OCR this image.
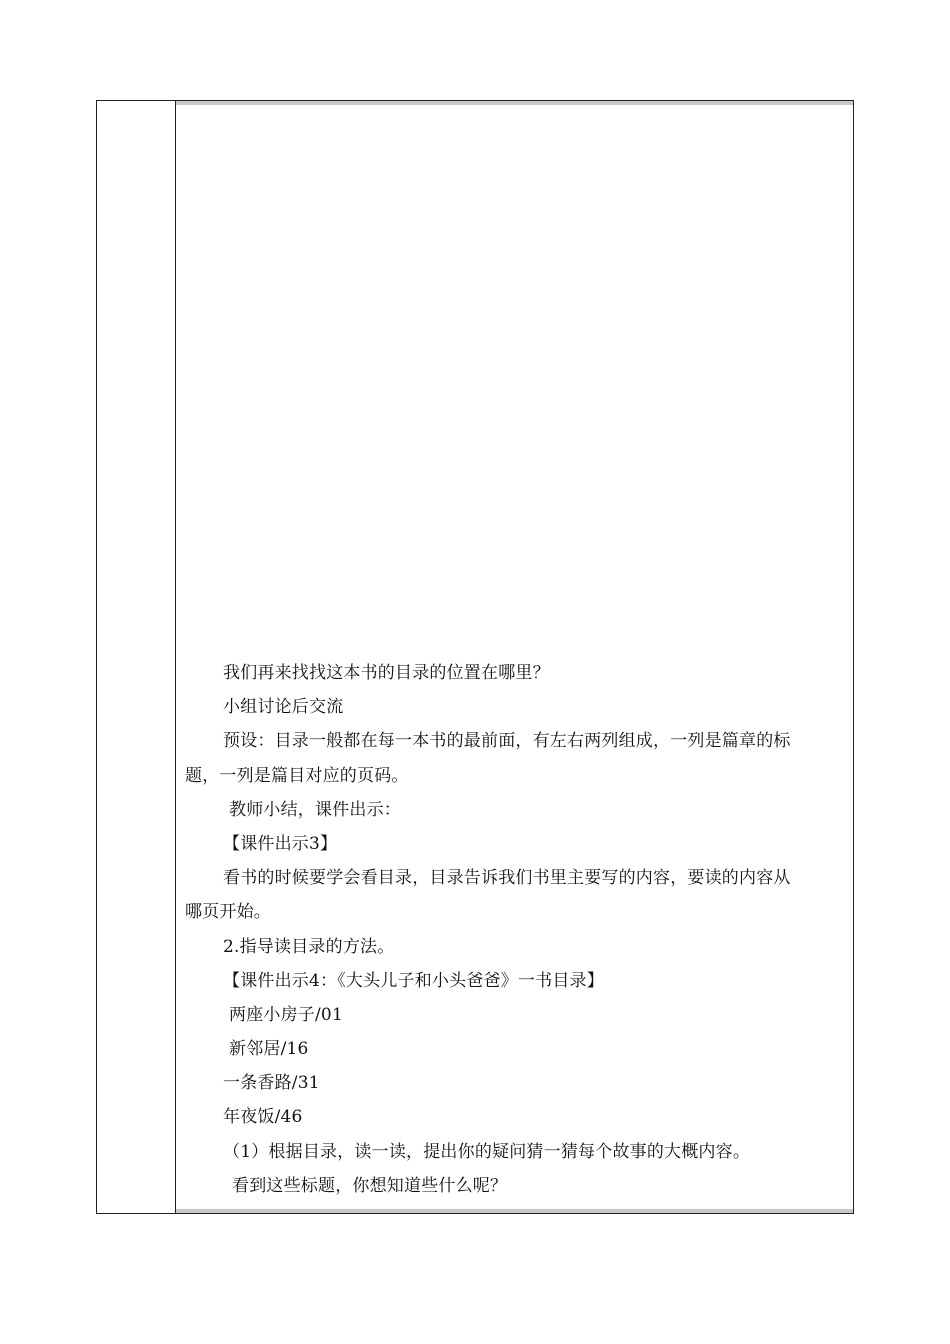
我们再来找找这本书的目录的位置在哪里？
小组讨论后交流
预设：目录一般都在每一本书的最前面，有左右两列组成，一列是篇章的标
题，一列是篇目对应的页码。
教师小结，课件出示：
【课件出示3】
看书的时候要学会看目录，目录告诉我们书里主要写的内容，要读的内容从
哪页开始。
2.指导读目录的方法。
【课件出示4：《大头儿子和小头爸爸》一书目录】
两座小房子/01
新邻居/16
一条香路/31
年夜饭/46
（1）根据目录，读一读，提出你的疑问猜一猜每个故事的大概内容。
看到这些标题，你想知道些什么呢？
